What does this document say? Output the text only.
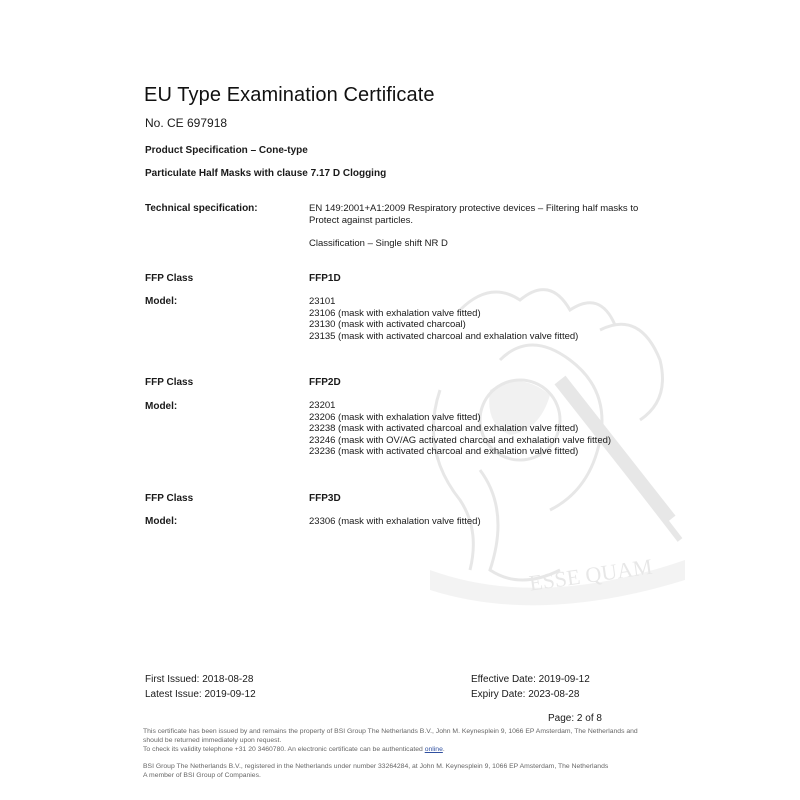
ESSE QUAM
EU Type Examination Certificate
No. CE 697918
Product Specification – Cone-type
Particulate Half Masks with clause 7.17 D Clogging
Technical specification:	EN 149:2001+A1:2009 Respiratory protective devices – Filtering half masks to
Protect against particles.
Classification – Single shift NR D
FFP Class	FFP1D
Model:	23101
23106 (mask with exhalation valve fitted)
23130 (mask with activated charcoal)
23135 (mask with activated charcoal and exhalation valve fitted)
FFP Class	FFP2D
Model:	23201
23206 (mask with exhalation valve fitted)
23238 (mask with activated charcoal and exhalation valve fitted)
23246 (mask with OV/AG activated charcoal and exhalation valve fitted)
23236 (mask with activated charcoal and exhalation valve fitted)
FFP Class	FFP3D
Model:	23306 (mask with exhalation valve fitted)
First Issued: 2018-08-28
Latest Issue: 2019-09-12
Effective Date: 2019-09-12
Expiry Date: 2023-08-28
Page: 2 of 8
This certificate has been issued by and remains the property of BSI Group The Netherlands B.V., John M. Keynesplein 9, 1066 EP Amsterdam, The Netherlands and
should be returned immediately upon request.
To check its validity telephone +31 20 3460780. An electronic certificate can be authenticated online.
BSI Group The Netherlands B.V., registered in the Netherlands under number 33264284, at John M. Keynesplein 9, 1066 EP Amsterdam, The Netherlands
A member of BSI Group of Companies.
